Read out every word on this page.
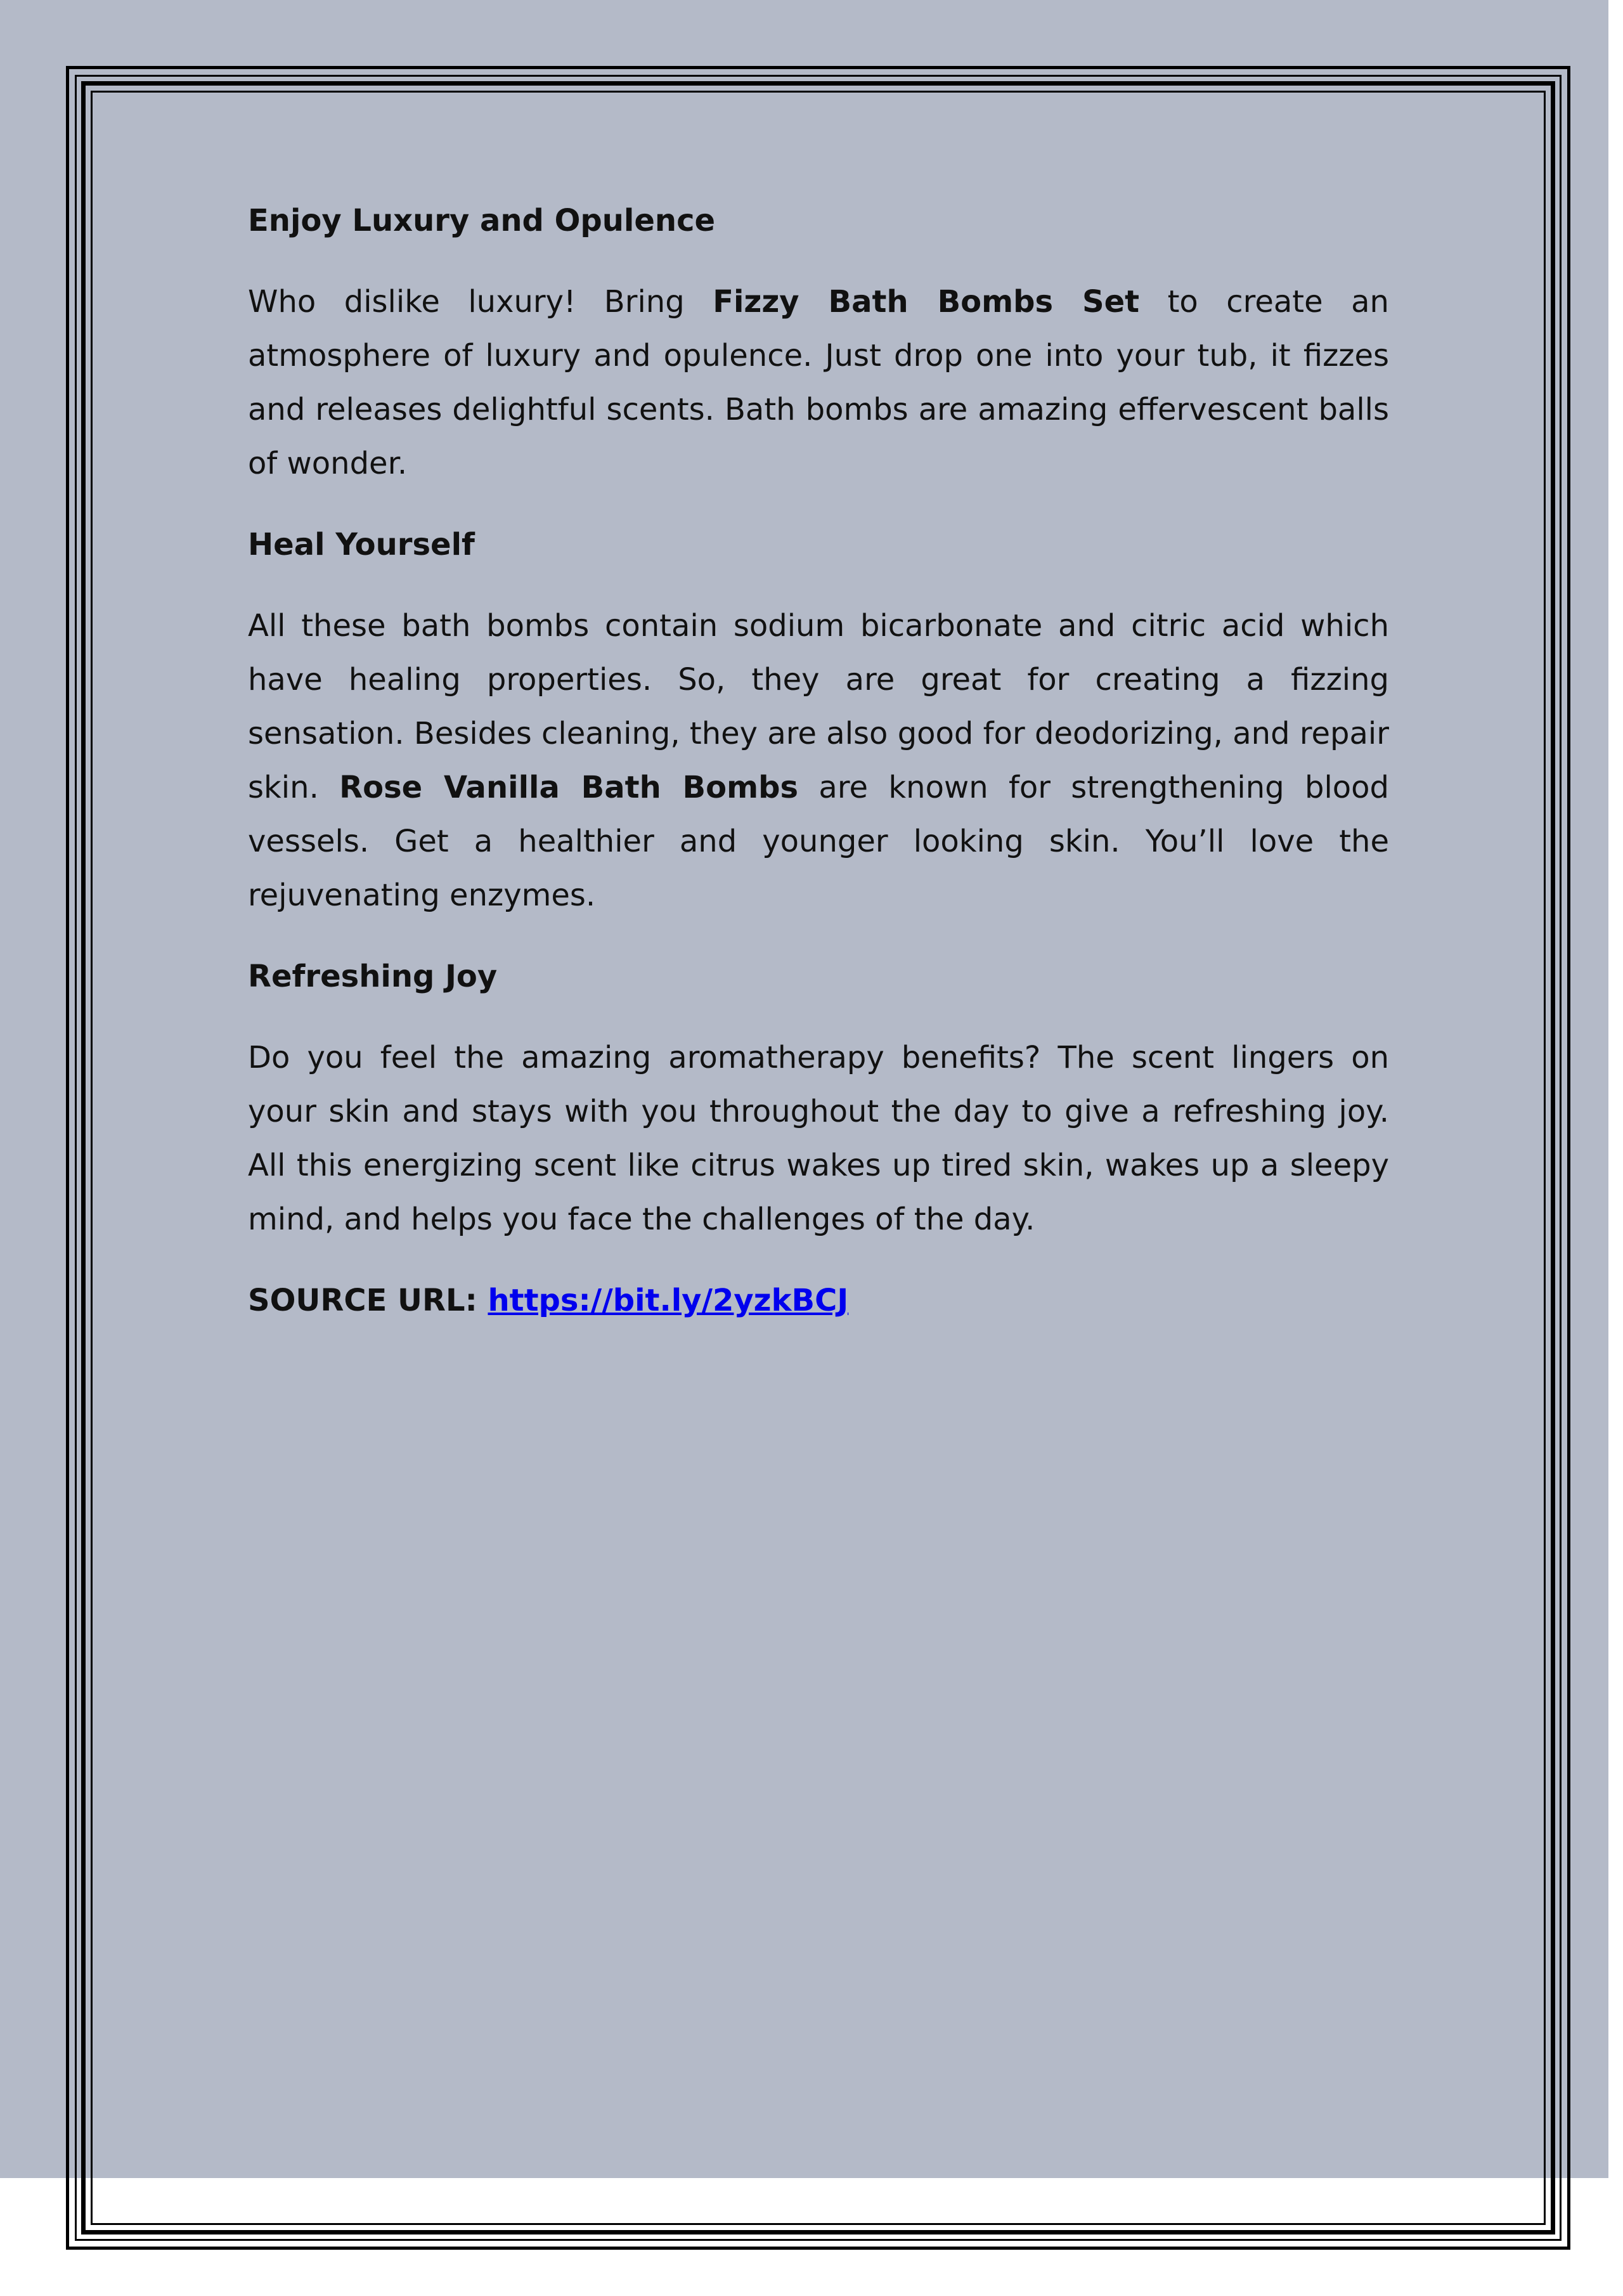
Enjoy Luxury and Opulence

Who dislike luxury! Bring Fizzy Bath Bombs Set to create an atmosphere of luxury and opulence. Just drop one into your tub, it fizzes and releases delightful scents. Bath bombs are amazing effervescent balls of wonder.

Heal Yourself

All these bath bombs contain sodium bicarbonate and citric acid which have healing properties. So, they are great for creating a fizzing sensation. Besides cleaning, they are also good for deodorizing, and repair skin. Rose Vanilla Bath Bombs are known for strengthening blood vessels. Get a healthier and younger looking skin. You’ll love the rejuvenating enzymes.

Refreshing Joy

Do you feel the amazing aromatherapy benefits? The scent lingers on your skin and stays with you throughout the day to give a refreshing joy. All this energizing scent like citrus wakes up tired skin, wakes up a sleepy mind, and helps you face the challenges of the day.

SOURCE URL: https://bit.ly/2yzkBCJ
